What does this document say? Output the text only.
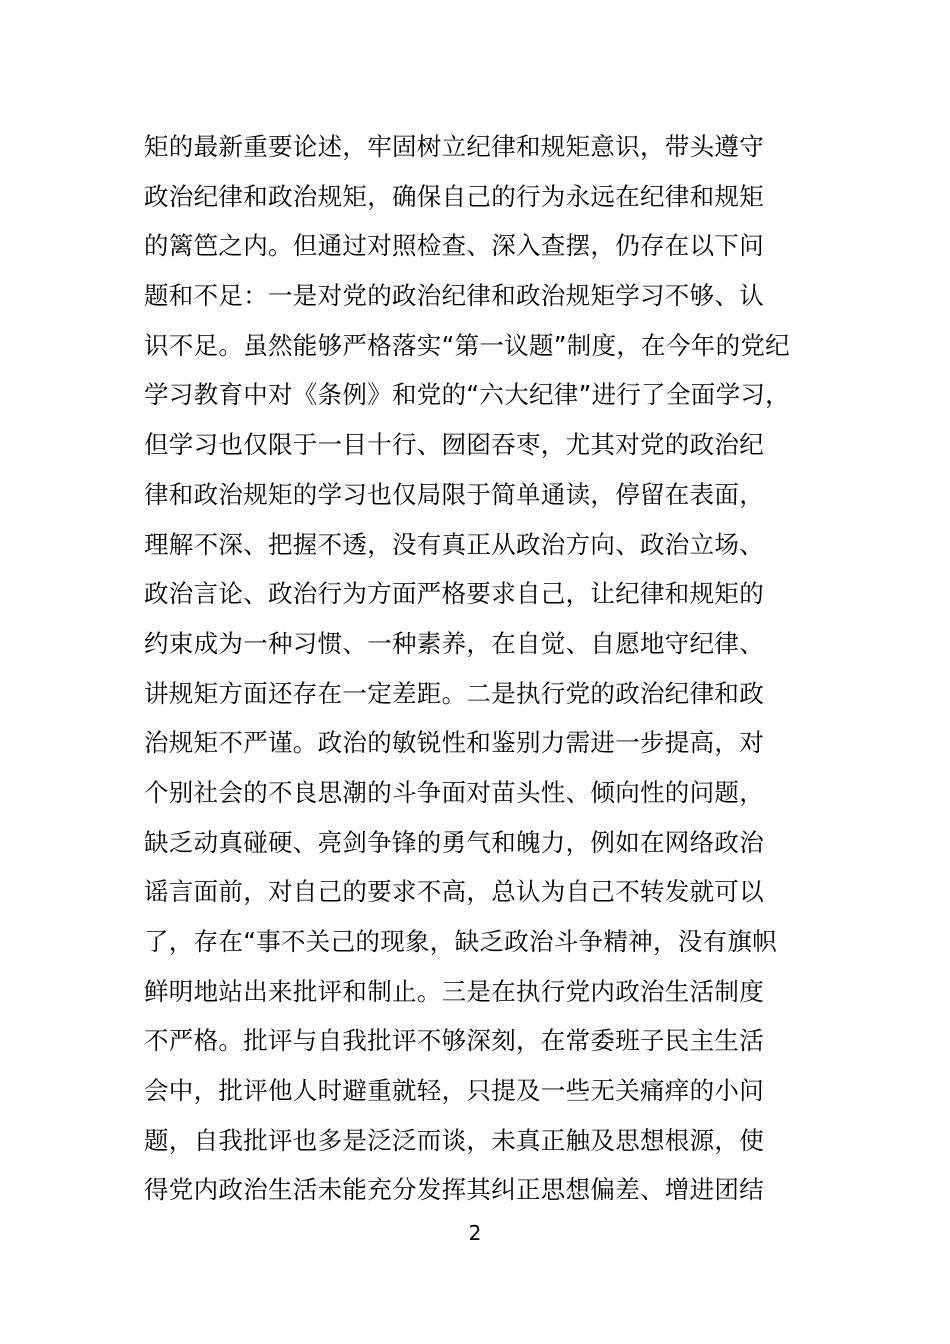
矩的最新重要论述，牢固树立纪律和规矩意识，带头遵守
政治纪律和政治规矩，确保自己的行为永远在纪律和规矩
的篱笆之内。但通过对照检查、深入查摆，仍存在以下问
题和不足：一是对党的政治纪律和政治规矩学习不够、认
识不足。虽然能够严格落实“第一议题”制度，在今年的党纪
学习教育中对《条例》和党的“六大纪律”进行了全面学习，
但学习也仅限于一目十行、囫囵吞枣，尤其对党的政治纪
律和政治规矩的学习也仅局限于简单通读，停留在表面，
理解不深、把握不透，没有真正从政治方向、政治立场、
政治言论、政治行为方面严格要求自己，让纪律和规矩的
约束成为一种习惯、一种素养，在自觉、自愿地守纪律、
讲规矩方面还存在一定差距。二是执行党的政治纪律和政
治规矩不严谨。政治的敏锐性和鉴别力需进一步提高，对
个别社会的不良思潮的斗争面对苗头性、倾向性的问题，
缺乏动真碰硬、亮剑争锋的勇气和魄力，例如在网络政治
谣言面前，对自己的要求不高，总认为自己不转发就可以
了，存在“事不关己的现象，缺乏政治斗争精神，没有旗帜
鲜明地站出来批评和制止。三是在执行党内政治生活制度
不严格。批评与自我批评不够深刻，在常委班子民主生活
会中，批评他人时避重就轻，只提及一些无关痛痒的小问
题，自我批评也多是泛泛而谈，未真正触及思想根源，使
得党内政治生活未能充分发挥其纠正思想偏差、增进团结
2
